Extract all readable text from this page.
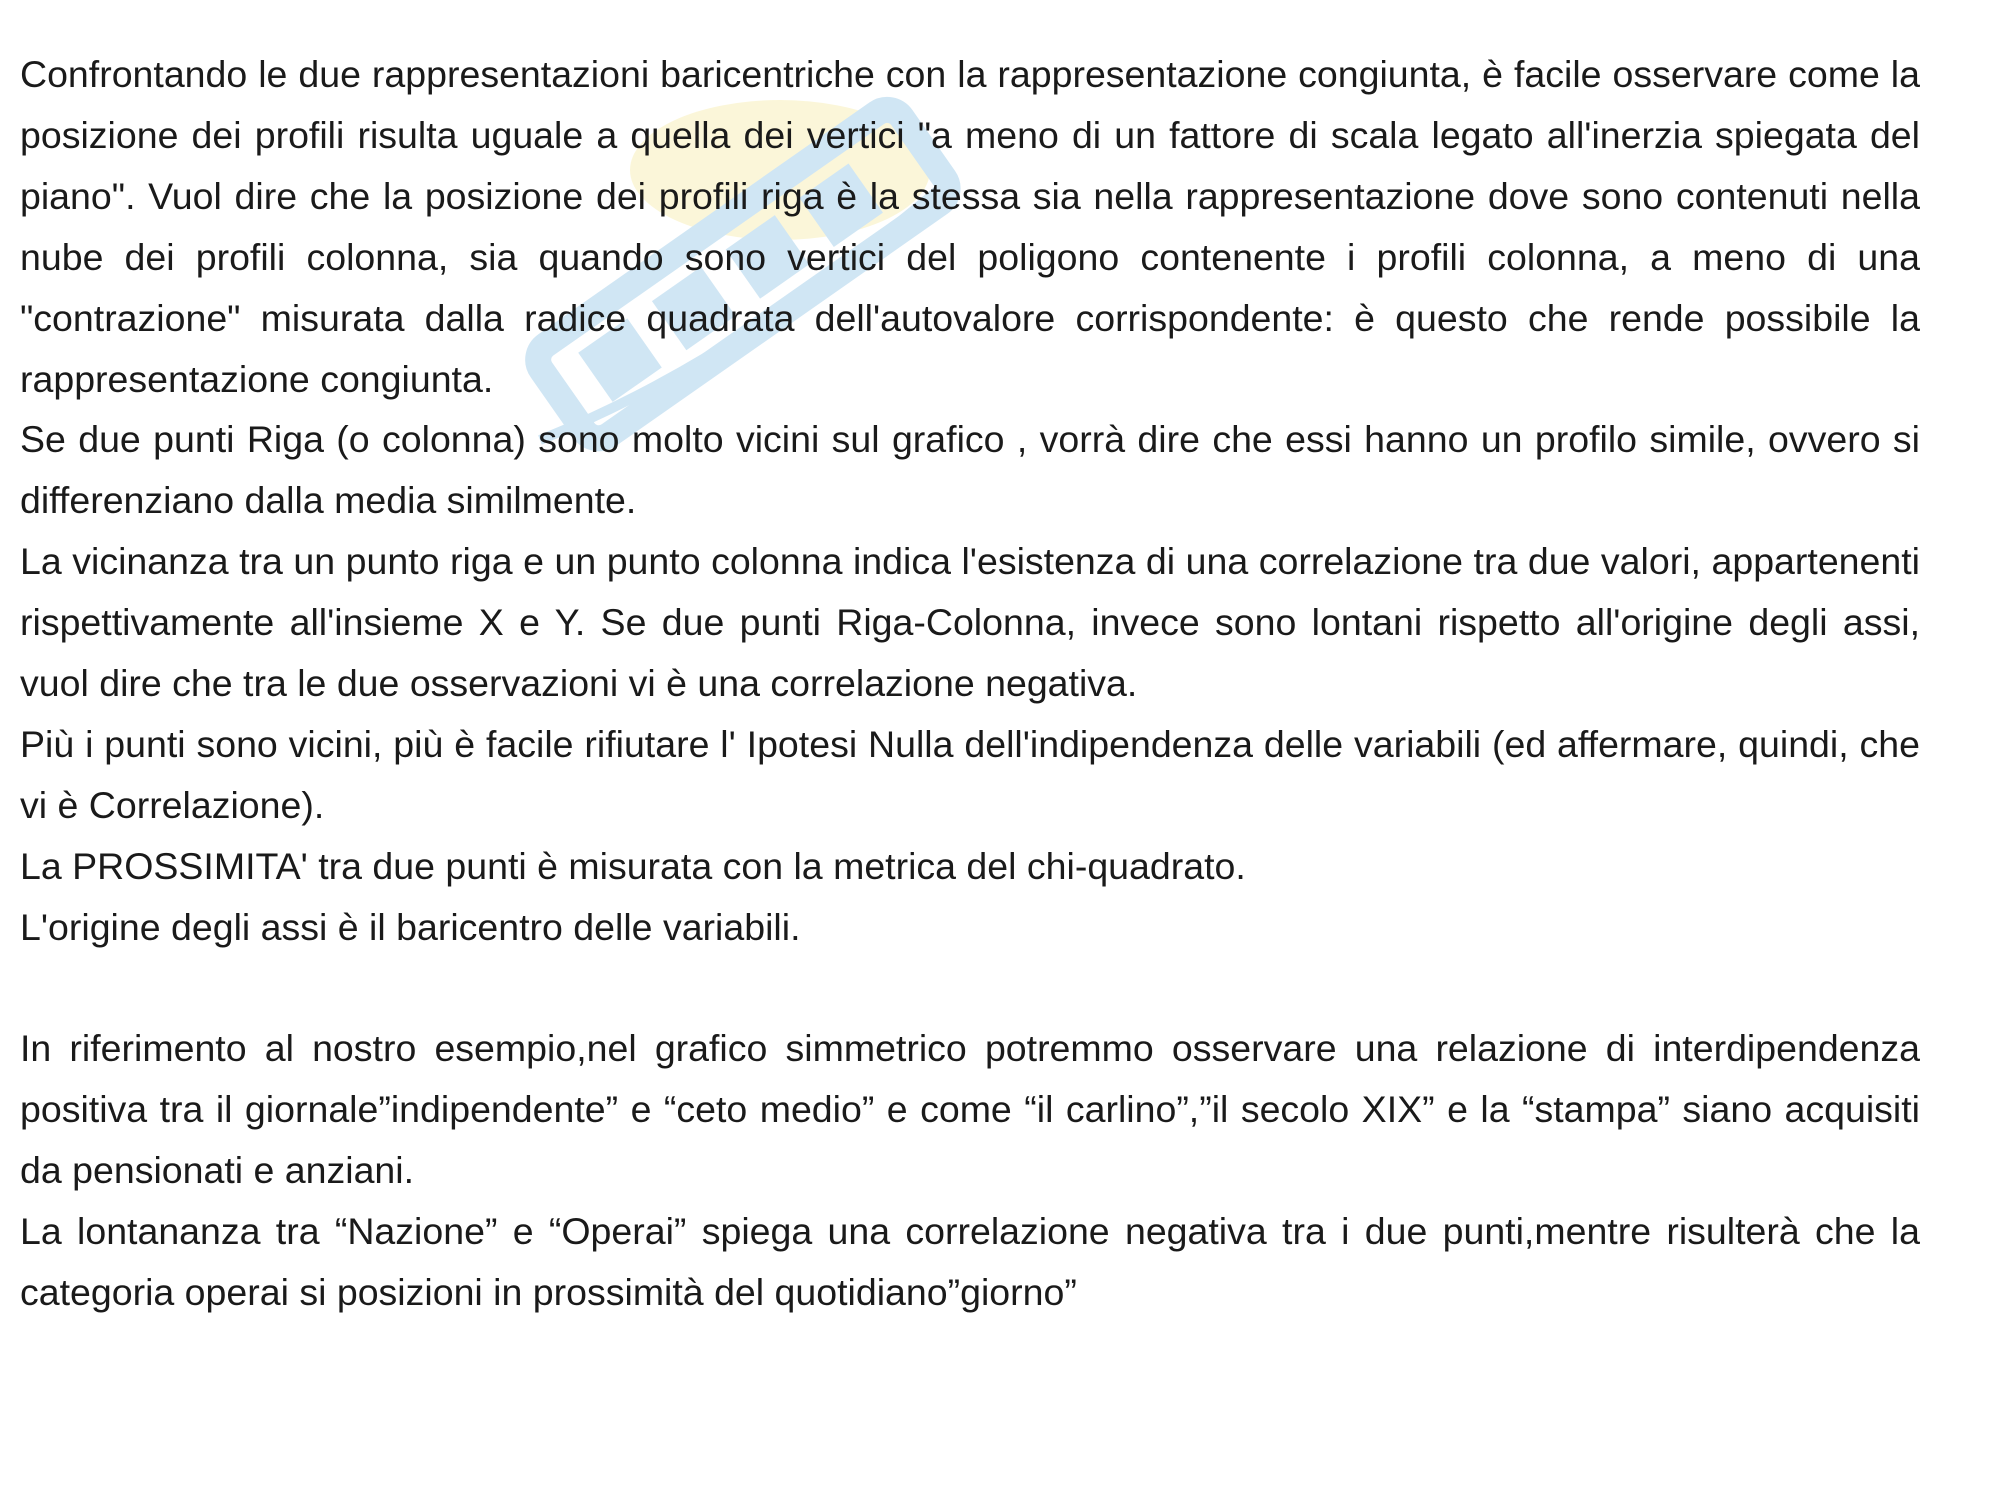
Confrontando le due rappresentazioni baricentriche con la rappresentazione congiunta, è facile osservare come la posizione dei profili risulta uguale a quella dei vertici "a meno di un fattore di scala legato all'inerzia spiegata del piano". Vuol dire che la posizione dei profili riga è la stessa sia nella rappresentazione dove sono contenuti nella nube dei profili colonna, sia quando sono vertici del poligono contenente i profili colonna, a meno di una "contrazione" misurata dalla radice quadrata dell'autovalore corrispondente: è questo che rende possibile la rappresentazione congiunta.

Se due punti Riga (o colonna) sono molto vicini sul grafico , vorrà dire che essi hanno un profilo simile, ovvero si differenziano dalla media similmente.

La vicinanza tra un punto riga e un punto colonna indica l'esistenza di una correlazione tra due valori, appartenenti rispettivamente all'insieme X e Y. Se due punti Riga-Colonna, invece sono lontani rispetto all'origine degli assi, vuol dire che tra le due osservazioni vi è una correlazione negativa.

Più i punti sono vicini, più è facile rifiutare l' Ipotesi Nulla dell'indipendenza delle variabili (ed affermare, quindi, che vi è Correlazione).

La PROSSIMITA' tra due punti è misurata con la metrica del chi-quadrato.

L'origine degli assi è il baricentro delle variabili.

In riferimento al nostro esempio,nel grafico simmetrico potremmo osservare una relazione di interdipendenza positiva tra il giornale”indipendente” e “ceto medio” e come “il carlino”,”il secolo XIX” e la “stampa” siano acquisiti da pensionati e anziani.

La lontananza tra “Nazione” e “Operai” spiega una correlazione negativa tra i due punti,mentre risulterà che la categoria operai si posizioni in prossimità del quotidiano”giorno”
